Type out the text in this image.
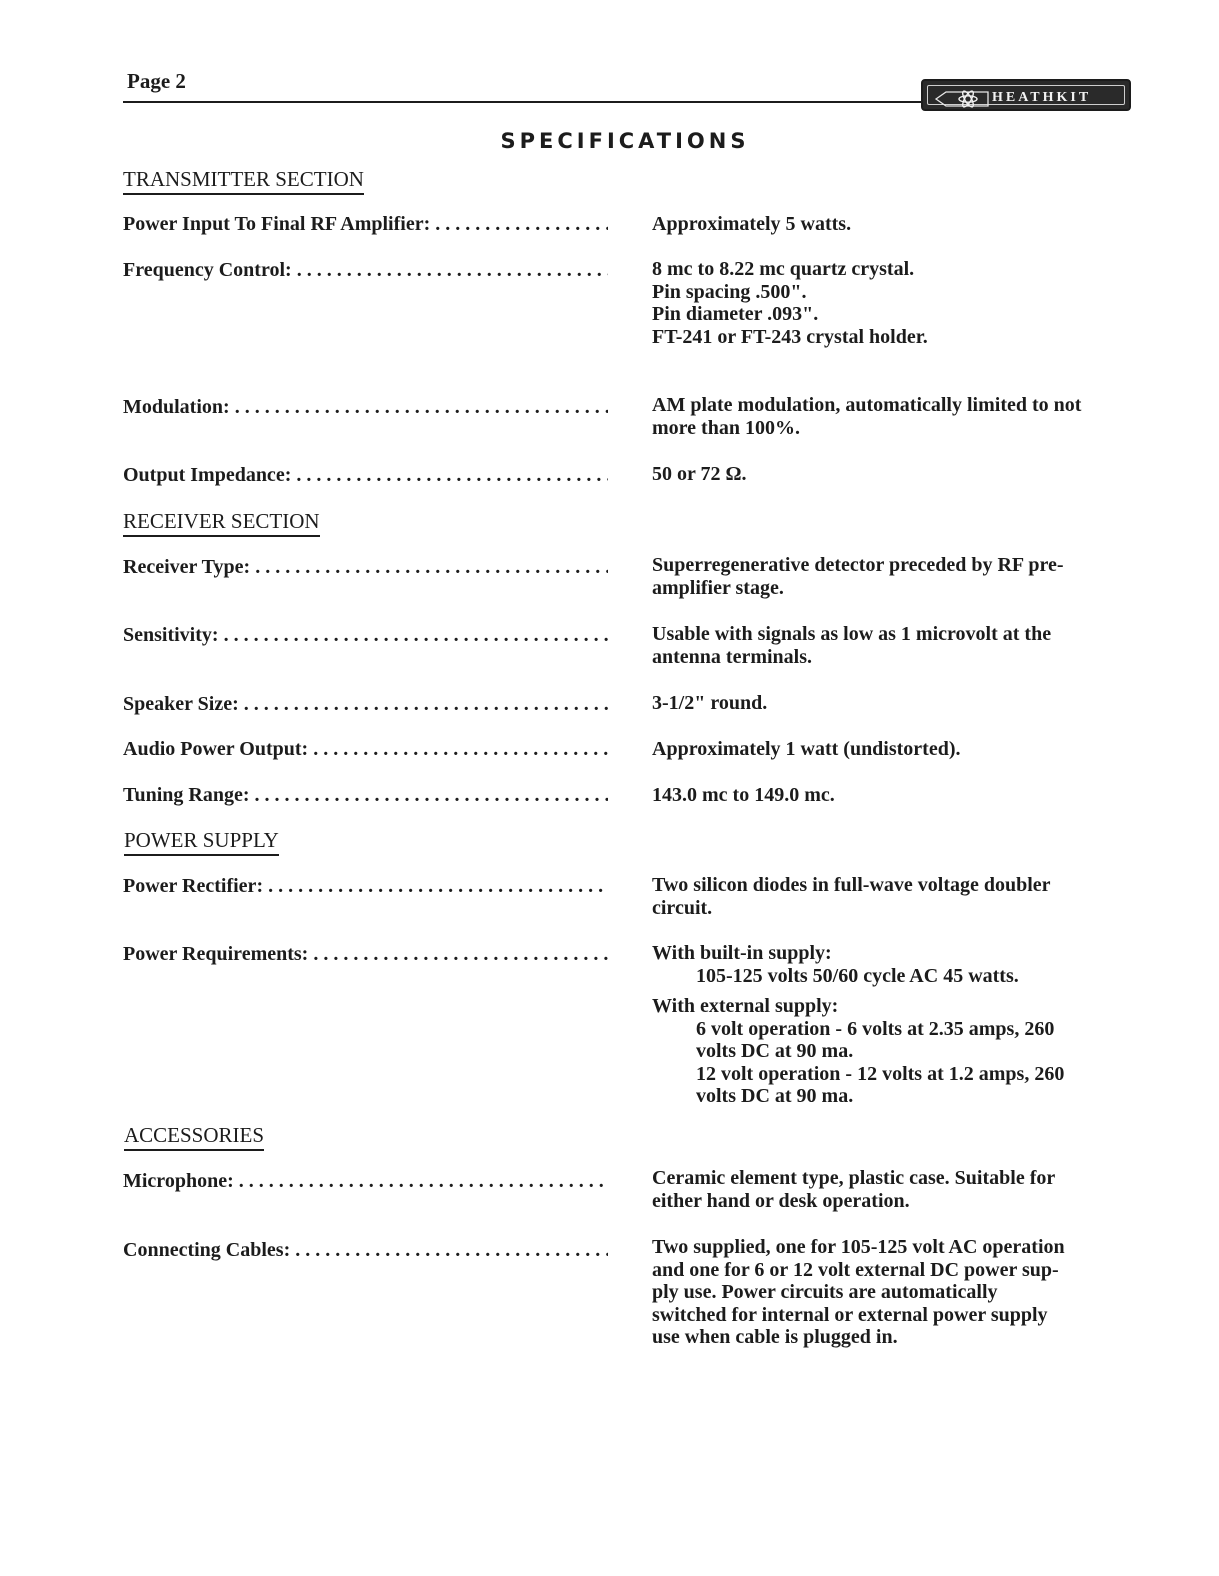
Page 2
HEATHKIT
SPECIFICATIONS
TRANSMITTER SECTION
Power Input To Final RF Amplifier: . . .	Approximately 5 watts.
Frequency Control: . . .	8 mc to 8.22 mc quartz crystal.
Pin spacing .500".
Pin diameter .093".
FT-241 or FT-243 crystal holder.
Modulation: . . .	AM plate modulation, automatically limited to not
more than 100%.
Output Impedance: . . .	50 or 72 Ω.
RECEIVER SECTION
Receiver Type: . . .	Superregenerative detector preceded by RF pre-
amplifier stage.
Sensitivity: . . .	Usable with signals as low as 1 microvolt at the
antenna terminals.
Speaker Size: . . .	3-1/2" round.
Audio Power Output: . . .	Approximately 1 watt (undistorted).
Tuning Range: . . .	143.0 mc to 149.0 mc.
POWER SUPPLY
Power Rectifier: . . .	Two silicon diodes in full-wave voltage doubler
circuit.
Power Requirements: . . .	With built-in supply:
105-125 volts 50/60 cycle AC 45 watts.
With external supply:
6 volt operation - 6 volts at 2.35 amps, 260
volts DC at 90 ma.
12 volt operation - 12 volts at 1.2 amps, 260
volts DC at 90 ma.
ACCESSORIES
Microphone: . . .	Ceramic element type, plastic case. Suitable for
either hand or desk operation.
Connecting Cables: . . .	Two supplied, one for 105-125 volt AC operation
and one for 6 or 12 volt external DC power sup-
ply use. Power circuits are automatically
switched for internal or external power supply
use when cable is plugged in.
